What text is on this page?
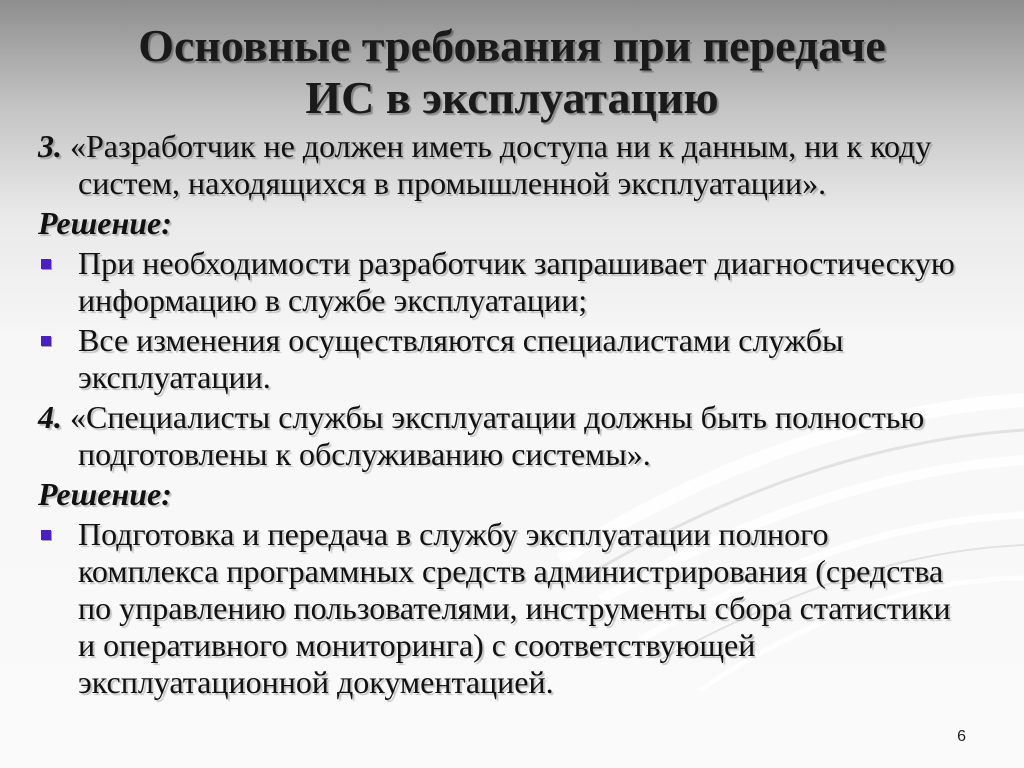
Основные требования при передаче
ИС в эксплуатацию

3. «Разработчик не должен иметь доступа ни к данным, ни к коду систем, находящихся в промышленной эксплуатации».

Решение:

При необходимости разработчик запрашивает диагностическую информацию в службе эксплуатации;
Все изменения осуществляются специалистами службы эксплуатации.

4. «Специалисты службы эксплуатации должны быть полностью подготовлены к обслуживанию системы».

Решение:

Подготовка и передача в службу эксплуатации полного комплекса программных средств администрирования (средства по управлению пользователями, инструменты сбора статистики и оперативного мониторинга) с соответствующей эксплуатационной документацией.
6
